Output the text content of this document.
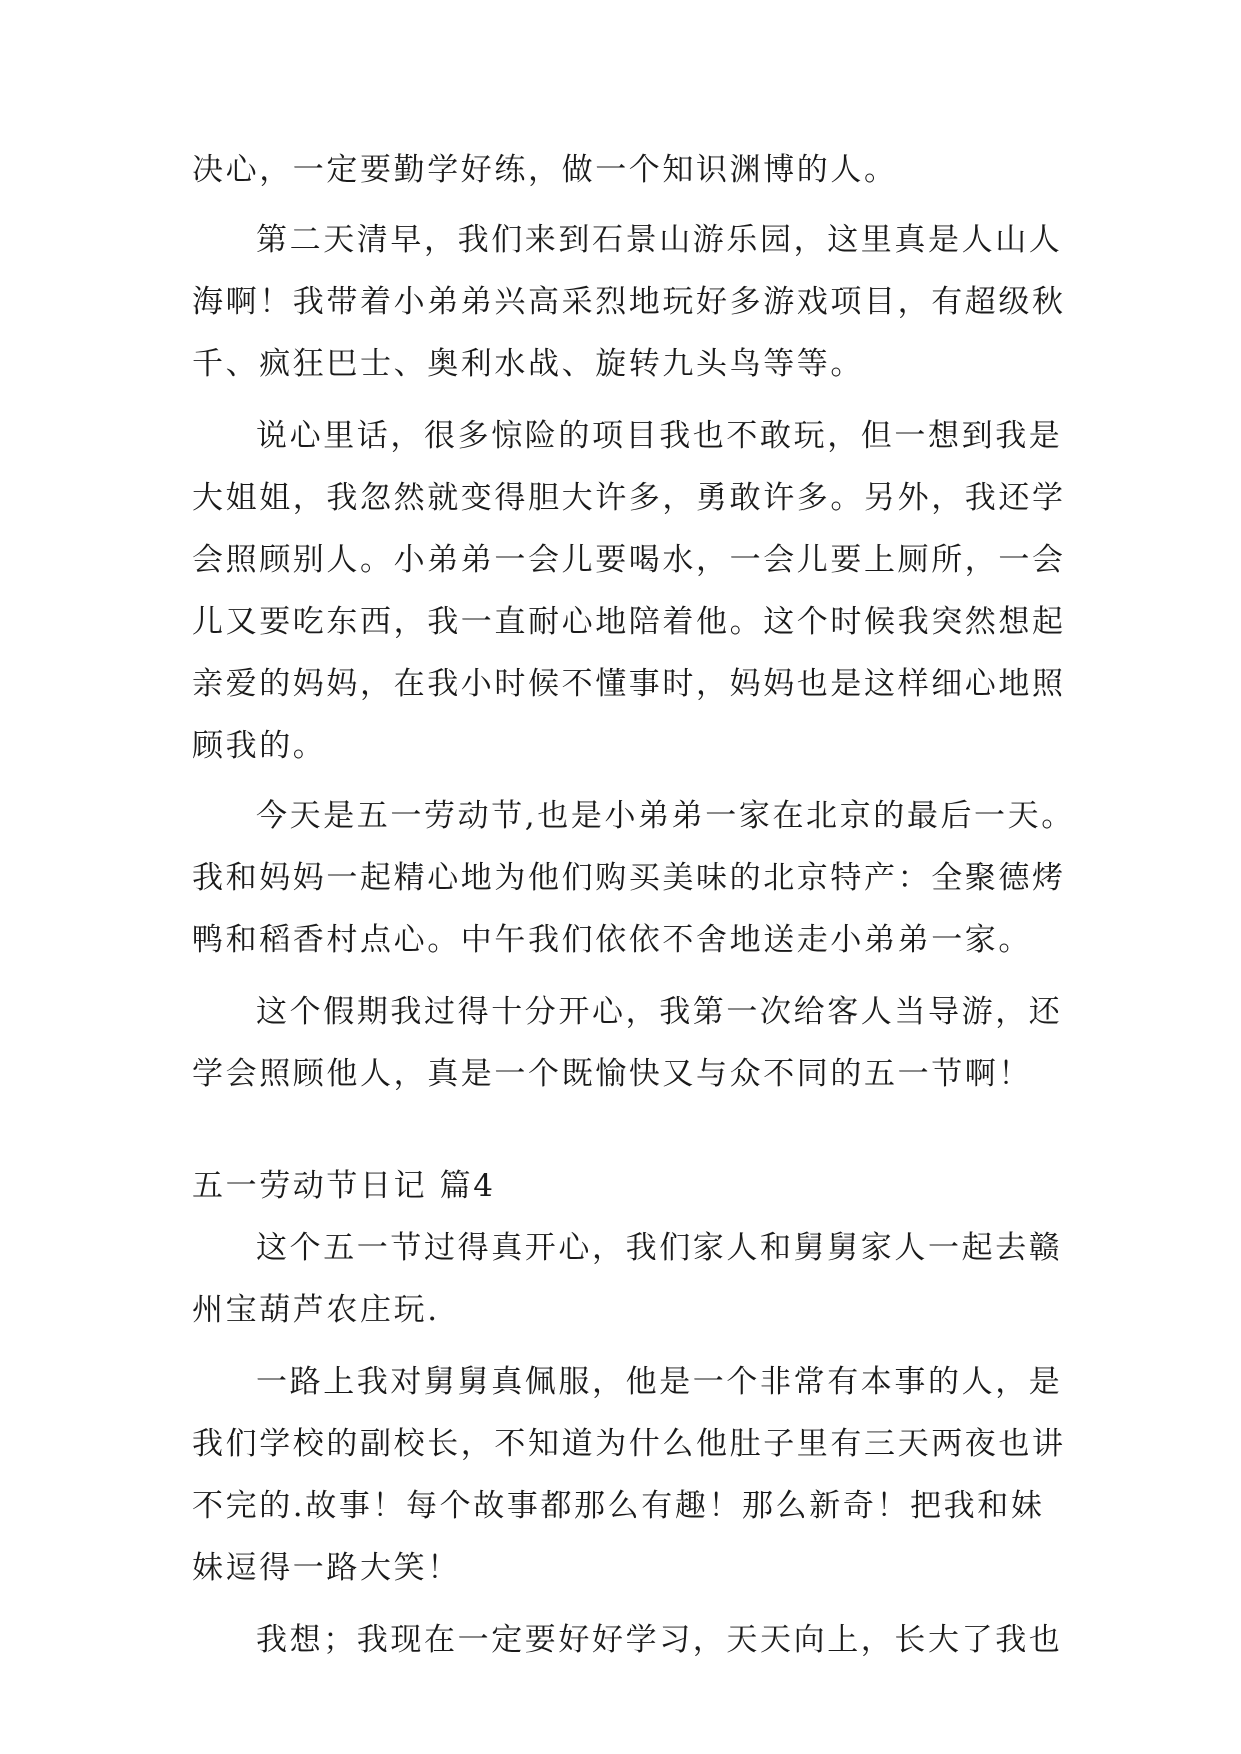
决心，一定要勤学好练，做一个知识渊博的人。
第二天清早，我们来到石景山游乐园，这里真是人山人
海啊！我带着小弟弟兴高采烈地玩好多游戏项目，有超级秋
千、疯狂巴士、奥利水战、旋转九头鸟等等。
说心里话，很多惊险的项目我也不敢玩，但一想到我是
大姐姐，我忽然就变得胆大许多，勇敢许多。另外，我还学
会照顾别人。小弟弟一会儿要喝水，一会儿要上厕所，一会
儿又要吃东西，我一直耐心地陪着他。这个时候我突然想起
亲爱的妈妈，在我小时候不懂事时，妈妈也是这样细心地照
顾我的。
今天是五一劳动节,也是小弟弟一家在北京的最后一天。
我和妈妈一起精心地为他们购买美味的北京特产：全聚德烤
鸭和稻香村点心。中午我们依依不舍地送走小弟弟一家。
这个假期我过得十分开心，我第一次给客人当导游，还
学会照顾他人，真是一个既愉快又与众不同的五一节啊！
五一劳动节日记 篇4
这个五一节过得真开心，我们家人和舅舅家人一起去赣
州宝葫芦农庄玩.
一路上我对舅舅真佩服，他是一个非常有本事的人，是
我们学校的副校长，不知道为什么他肚子里有三天两夜也讲
不完的.故事！每个故事都那么有趣！那么新奇！把我和妹
妹逗得一路大笑！
我想；我现在一定要好好学习，天天向上，长大了我也
